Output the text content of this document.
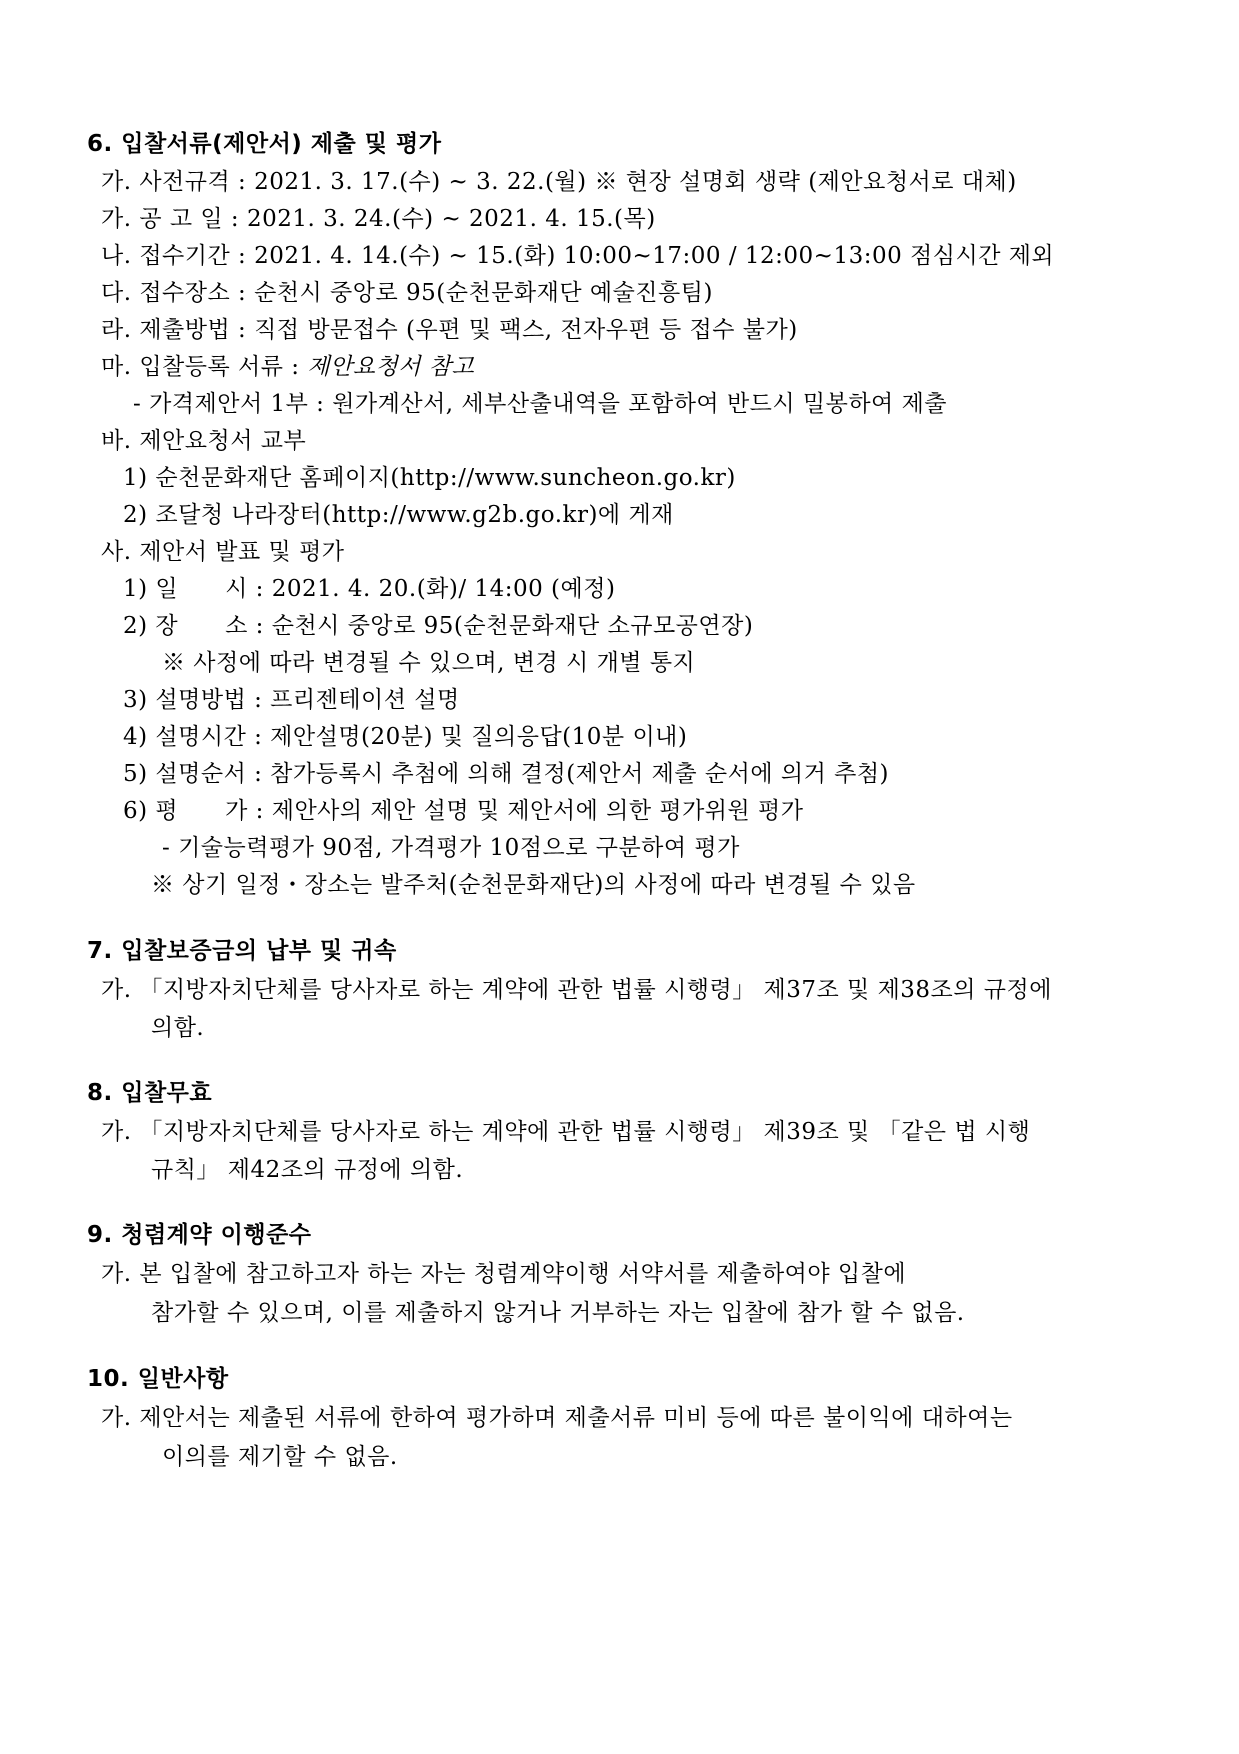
6. 입찰서류(제안서) 제출 및 평가
가. 사전규격 : 2021. 3. 17.(수) ~ 3. 22.(월) ※ 현장 설명회 생략 (제안요청서로 대체)
가. 공 고 일 : 2021. 3. 24.(수) ~ 2021. 4. 15.(목)
나. 접수기간 : 2021. 4. 14.(수) ~ 15.(화) 10:00~17:00 / 12:00~13:00 점심시간 제외
다. 접수장소 : 순천시 중앙로 95(순천문화재단 예술진흥팀)
라. 제출방법 : 직접 방문접수 (우편 및 팩스, 전자우편 등 접수 불가)
마. 입찰등록 서류 : 제안요청서 참고
- 가격제안서 1부 : 원가계산서, 세부산출내역을 포함하여 반드시 밀봉하여 제출
바. 제안요청서 교부
1) 순천문화재단 홈페이지(http://www.suncheon.go.kr)
2) 조달청 나라장터(http://www.g2b.go.kr)에 게재
사. 제안서 발표 및 평가
1) 일　　시 : 2021. 4. 20.(화)/ 14:00 (예정)
2) 장　　소 : 순천시 중앙로 95(순천문화재단 소규모공연장)
※ 사정에 따라 변경될 수 있으며, 변경 시 개별 통지
3) 설명방법 : 프리젠테이션 설명
4) 설명시간 : 제안설명(20분) 및 질의응답(10분 이내)
5) 설명순서 : 참가등록시 추첨에 의해 결정(제안서 제출 순서에 의거 추첨)
6) 평　　가 : 제안사의 제안 설명 및 제안서에 의한 평가위원 평가
- 기술능력평가 90점, 가격평가 10점으로 구분하여 평가
※ 상기 일정・장소는 발주처(순천문화재단)의 사정에 따라 변경될 수 있음
7. 입찰보증금의 납부 및 귀속
가. 「지방자치단체를 당사자로 하는 계약에 관한 법률 시행령」 제37조 및 제38조의 규정에
의함.
8. 입찰무효
가. 「지방자치단체를 당사자로 하는 계약에 관한 법률 시행령」 제39조 및 「같은 법 시행
규칙」 제42조의 규정에 의함.
9. 청렴계약 이행준수
가. 본 입찰에 참고하고자 하는 자는 청렴계약이행 서약서를 제출하여야 입찰에
참가할 수 있으며, 이를 제출하지 않거나 거부하는 자는 입찰에 참가 할 수 없음.
10. 일반사항
가. 제안서는 제출된 서류에 한하여 평가하며 제출서류 미비 등에 따른 불이익에 대하여는
이의를 제기할 수 없음.
